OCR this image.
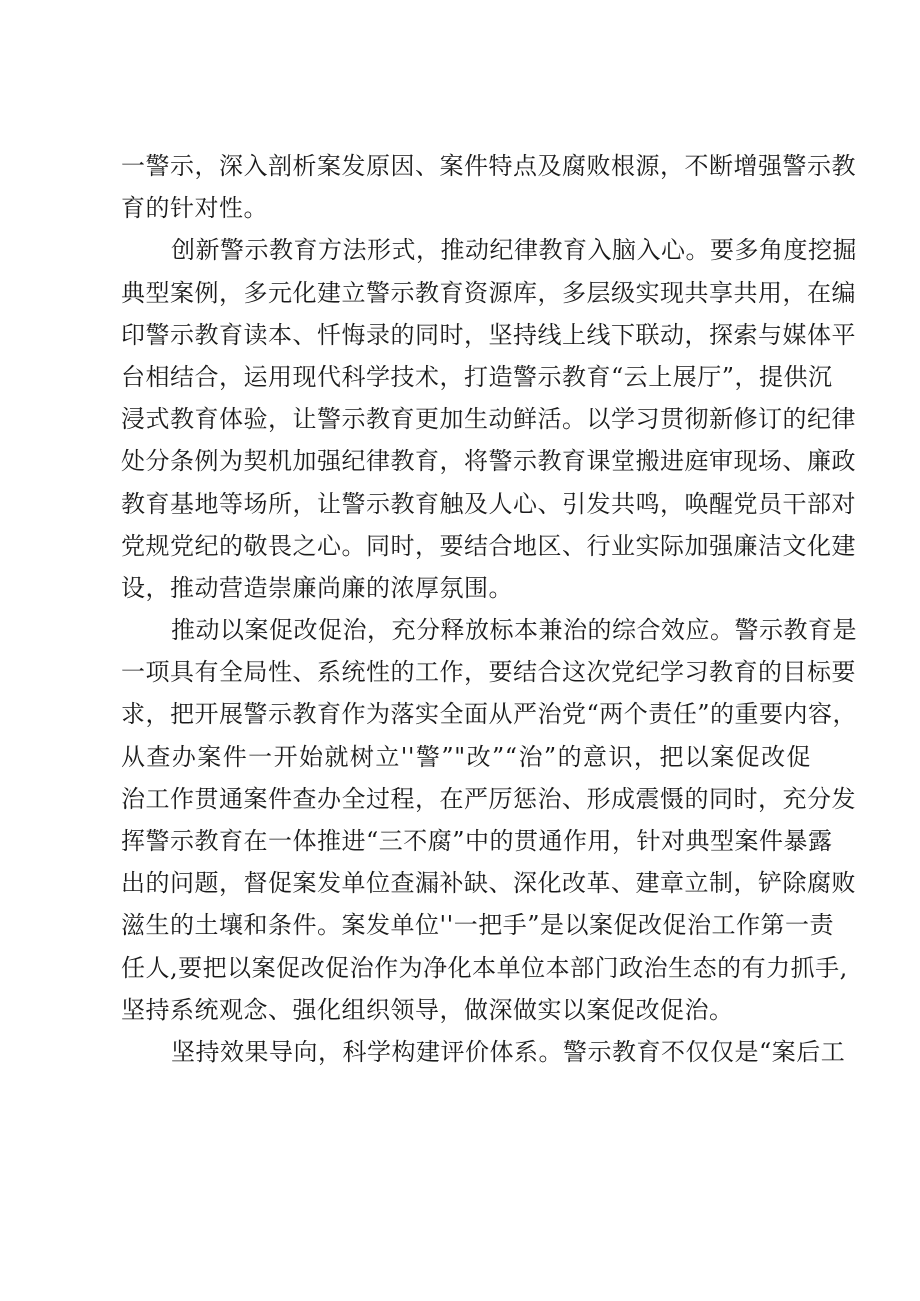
一警示，深入剖析案发原因、案件特点及腐败根源，不断增强警示教
育的针对性。
创新警示教育方法形式，推动纪律教育入脑入心。要多角度挖掘
典型案例，多元化建立警示教育资源库，多层级实现共享共用，在编
印警示教育读本、忏悔录的同时，坚持线上线下联动，探索与媒体平
台相结合，运用现代科学技术，打造警示教育“云上展厅”，提供沉
浸式教育体验，让警示教育更加生动鲜活。以学习贯彻新修订的纪律
处分条例为契机加强纪律教育，将警示教育课堂搬进庭审现场、廉政
教育基地等场所，让警示教育触及人心、引发共鸣，唤醒党员干部对
党规党纪的敬畏之心。同时，要结合地区、行业实际加强廉洁文化建
设，推动营造崇廉尚廉的浓厚氛围。
推动以案促改促治，充分释放标本兼治的综合效应。警示教育是
一项具有全局性、系统性的工作，要结合这次党纪学习教育的目标要
求，把开展警示教育作为落实全面从严治党“两个责任”的重要内容，
从查办案件一开始就树立''警”"改”“治”的意识，把以案促改促
治工作贯通案件查办全过程，在严厉惩治、形成震慑的同时，充分发
挥警示教育在一体推进“三不腐”中的贯通作用，针对典型案件暴露
出的问题，督促案发单位查漏补缺、深化改革、建章立制，铲除腐败
滋生的土壤和条件。案发单位''一把手”是以案促改促治工作第一责
任人,要把以案促改促治作为净化本单位本部门政治生态的有力抓手,
坚持系统观念、强化组织领导，做深做实以案促改促治。
坚持效果导向，科学构建评价体系。警示教育不仅仅是“案后工
